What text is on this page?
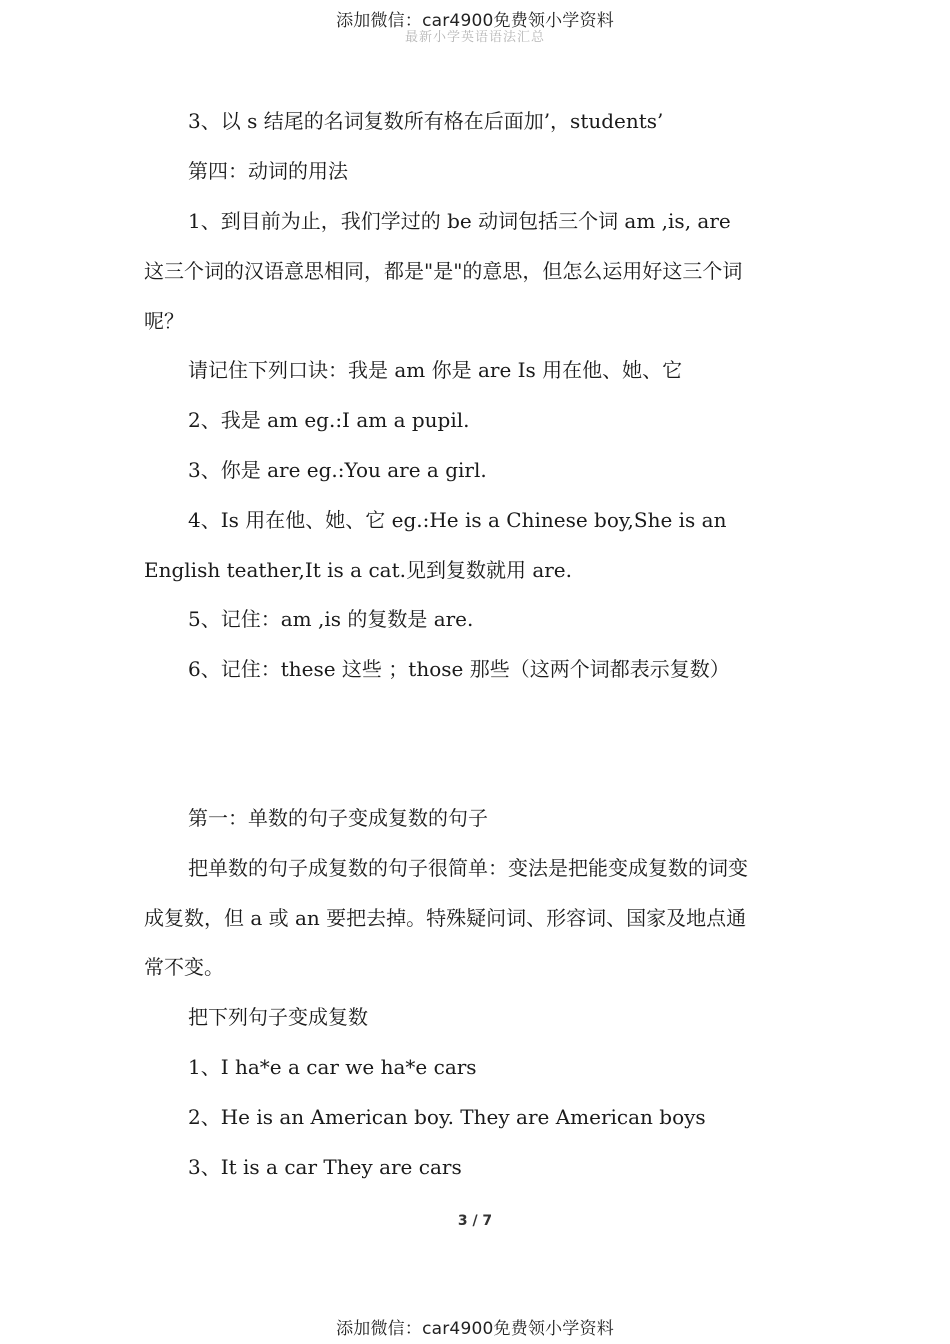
添加微信：car4900免费领小学资料
最新小学英语语法汇总
3、以 s 结尾的名词复数所有格在后面加’，students’
第四：动词的用法
1、到目前为止，我们学过的 be 动词包括三个词 am ,is, are
这三个词的汉语意思相同，都是"是"的意思，但怎么运用好这三个词
呢？
请记住下列口诀：我是 am 你是 are Is 用在他、她、它
2、我是 am eg.:I am a pupil.
3、你是 are eg.:You are a girl.
4、Is 用在他、她、它 eg.:He is a Chinese boy,She is an
English teather,It is a cat.见到复数就用 are.
5、记住：am ,is 的复数是 are.
6、记住：these 这些 ；those 那些（这两个词都表示复数）
第一：单数的句子变成复数的句子
把单数的句子成复数的句子很简单：变法是把能变成复数的词变
成复数，但 a 或 an 要把去掉。特殊疑问词、形容词、国家及地点通
常不变。
把下列句子变成复数
1、I ha*e a car we ha*e cars
2、He is an American boy. They are American boys
3、It is a car They are cars
3 / 7
添加微信：car4900免费领小学资料
